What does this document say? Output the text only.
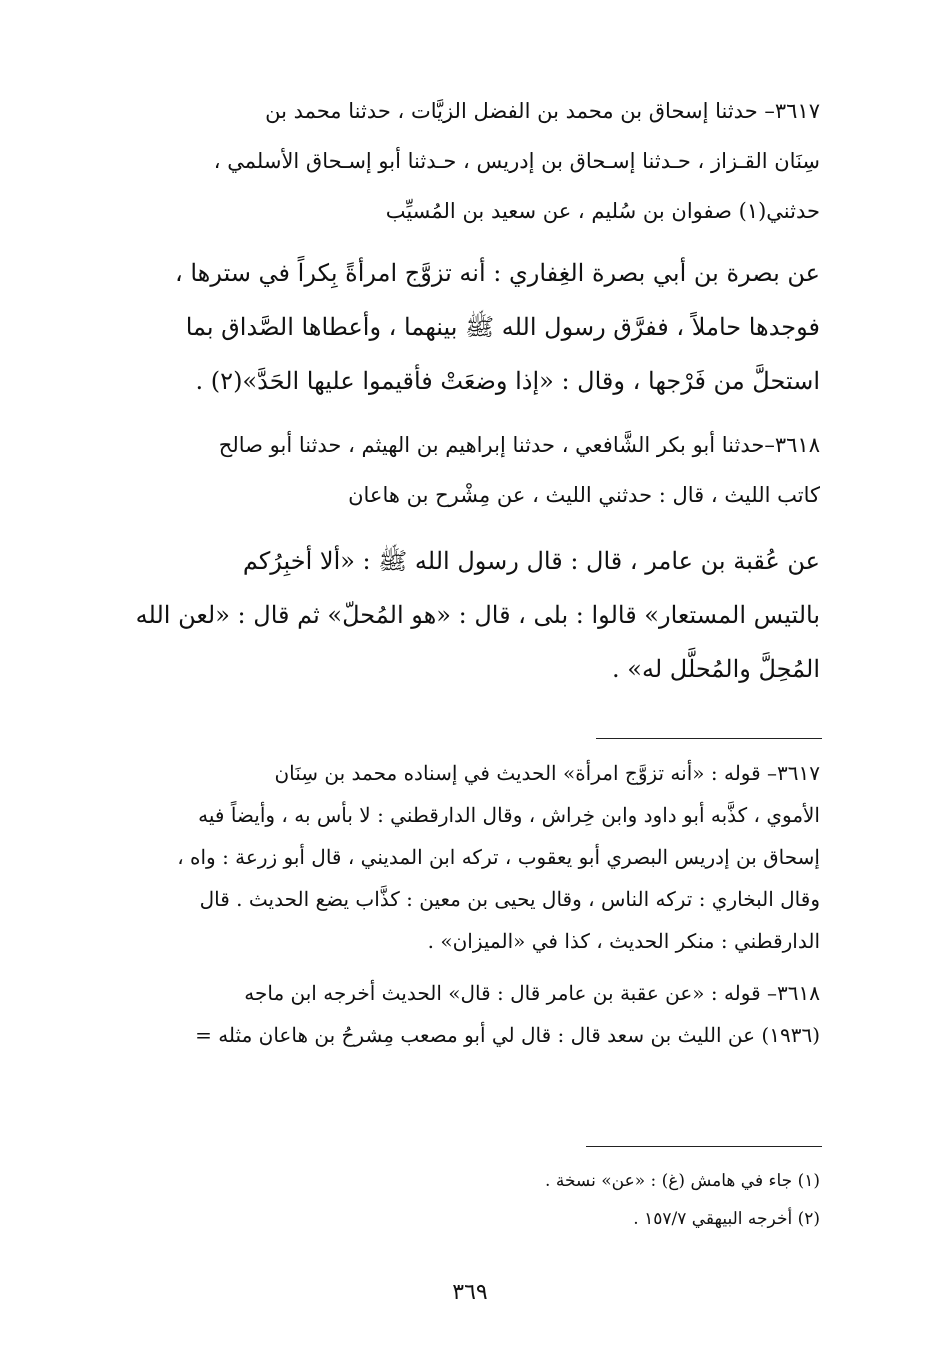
٣٦١٧– حدثنا إسحاق بن محمد بن الفضل الزيَّات ، حدثنا محمد بن
سِنَان القـزاز ، حـدثنا إسـحاق بن إدريس ، حـدثنا أبو إسـحاق الأسلمي ،
حدثني(١) صفوان بن سُليم ، عن سعيد بن المُسيِّب
عن بصرة بن أبي بصرة الغِفاري : أنه تزوَّج امرأةً بِكراً في سترها ،
فوجدها حاملاً ، ففرَّق رسول الله ﷺ بينهما ، وأعطاها الصَّداق بما
استحلَّ من فَرْجها ، وقال : «إذا وضعَتْ فأقيموا عليها الحَدَّ»(٢) .
٣٦١٨–حدثنا أبو بكر الشَّافعي ، حدثنا إبراهيم بن الهيثم ، حدثنا أبو صالح
كاتب الليث ، قال : حدثني الليث ، عن مِشْرح بن هاعان
عن عُقبة بن عامر ، قال : قال رسول الله ﷺ : «ألا أخبِرُكم
بالتيس المستعار» قالوا : بلى ، قال : «هو المُحلّ» ثم قال : «لعن الله
المُحِلَّ والمُحلَّل له» .
٣٦١٧– قوله : «أنه تزوَّج امرأة» الحديث في إسناده محمد بن سِنَان
الأموي ، كذَّبه أبو داود وابن خِراش ، وقال الدارقطني : لا بأس به ، وأيضاً فيه
إسحاق بن إدريس البصري أبو يعقوب ، تركه ابن المديني ، قال أبو زرعة : واه ،
وقال البخاري : تركه الناس ، وقال يحيى بن معين : كذَّاب يضع الحديث . قال
الدارقطني : منكر الحديث ، كذا في «الميزان» .
٣٦١٨– قوله : «عن عقبة بن عامر قال : قال» الحديث أخرجه ابن ماجه
(١٩٣٦) عن الليث بن سعد قال : قال لي أبو مصعب مِشرحُ بن هاعان مثله =
(١) جاء في هامش (غ) : «عن» نسخة .
(٢) أخرجه البيهقي ١٥٧/٧ .
٣٦٩
